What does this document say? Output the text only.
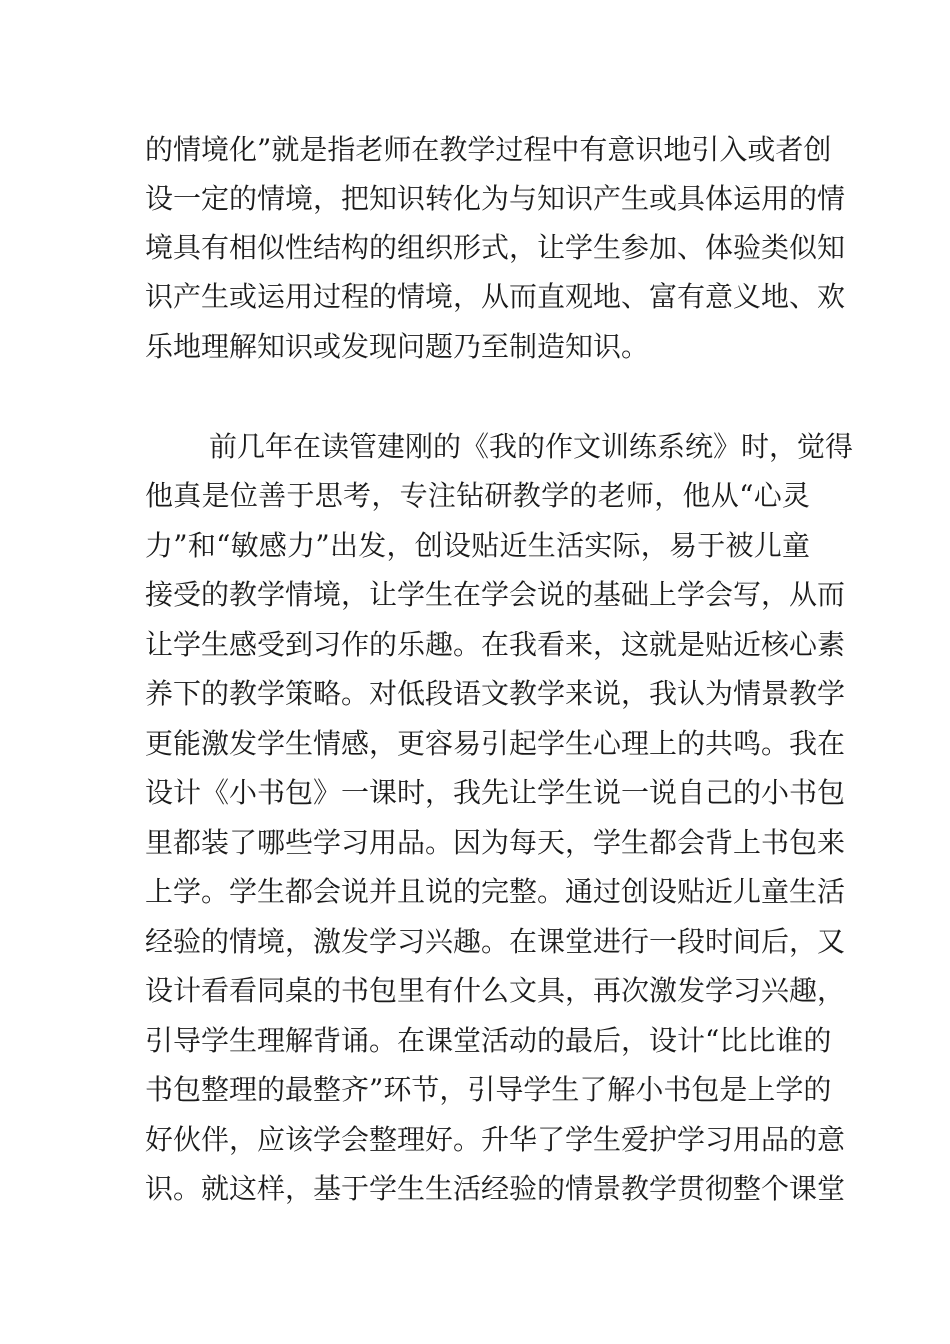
的情境化”就是指老师在教学过程中有意识地引入或者创
设一定的情境，把知识转化为与知识产生或具体运用的情
境具有相似性结构的组织形式，让学生参加、体验类似知
识产生或运用过程的情境，从而直观地、富有意义地、欢
乐地理解知识或发现问题乃至制造知识。
前几年在读管建刚的《我的作文训练系统》时，觉得
他真是位善于思考，专注钻研教学的老师，他从“心灵
力”和“敏感力”出发，创设贴近生活实际，易于被儿童
接受的教学情境，让学生在学会说的基础上学会写，从而
让学生感受到习作的乐趣。在我看来，这就是贴近核心素
养下的教学策略。对低段语文教学来说，我认为情景教学
更能激发学生情感，更容易引起学生心理上的共鸣。我在
设计《小书包》一课时，我先让学生说一说自己的小书包
里都装了哪些学习用品。因为每天，学生都会背上书包来
上学。学生都会说并且说的完整。通过创设贴近儿童生活
经验的情境，激发学习兴趣。在课堂进行一段时间后，又
设计看看同桌的书包里有什么文具，再次激发学习兴趣，
引导学生理解背诵。在课堂活动的最后，设计“比比谁的
书包整理的最整齐”环节，引导学生了解小书包是上学的
好伙伴，应该学会整理好。升华了学生爱护学习用品的意
识。就这样，基于学生生活经验的情景教学贯彻整个课堂
